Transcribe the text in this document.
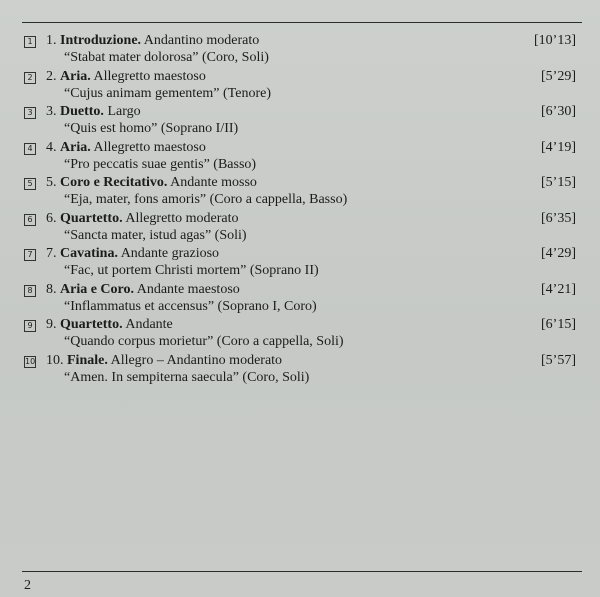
1 1. Introduzione. Andantino moderato
“Stabat mater dolorosa” (Coro, Soli)
[10’13]
2 2. Aria. Allegretto maestoso
“Cujus animam gementem” (Tenore)
[5’29]
3 3. Duetto. Largo
“Quis est homo” (Soprano I/II)
[6’30]
4 4. Aria. Allegretto maestoso
“Pro peccatis suae gentis” (Basso)
[4’19]
5 5. Coro e Recitativo. Andante mosso
“Eja, mater, fons amoris” (Coro a cappella, Basso)
[5’15]
6 6. Quartetto. Allegretto moderato
“Sancta mater, istud agas” (Soli)
[6’35]
7 7. Cavatina. Andante grazioso
“Fac, ut portem Christi mortem” (Soprano II)
[4’29]
8 8. Aria e Coro. Andante maestoso
“Inflammatus et accensus” (Soprano I, Coro)
[4’21]
9 9. Quartetto. Andante
“Quando corpus morietur” (Coro a cappella, Soli)
[6’15]
10 10. Finale. Allegro – Andantino moderato
“Amen. In sempiterna saecula” (Coro, Soli)
[5’57]
2
